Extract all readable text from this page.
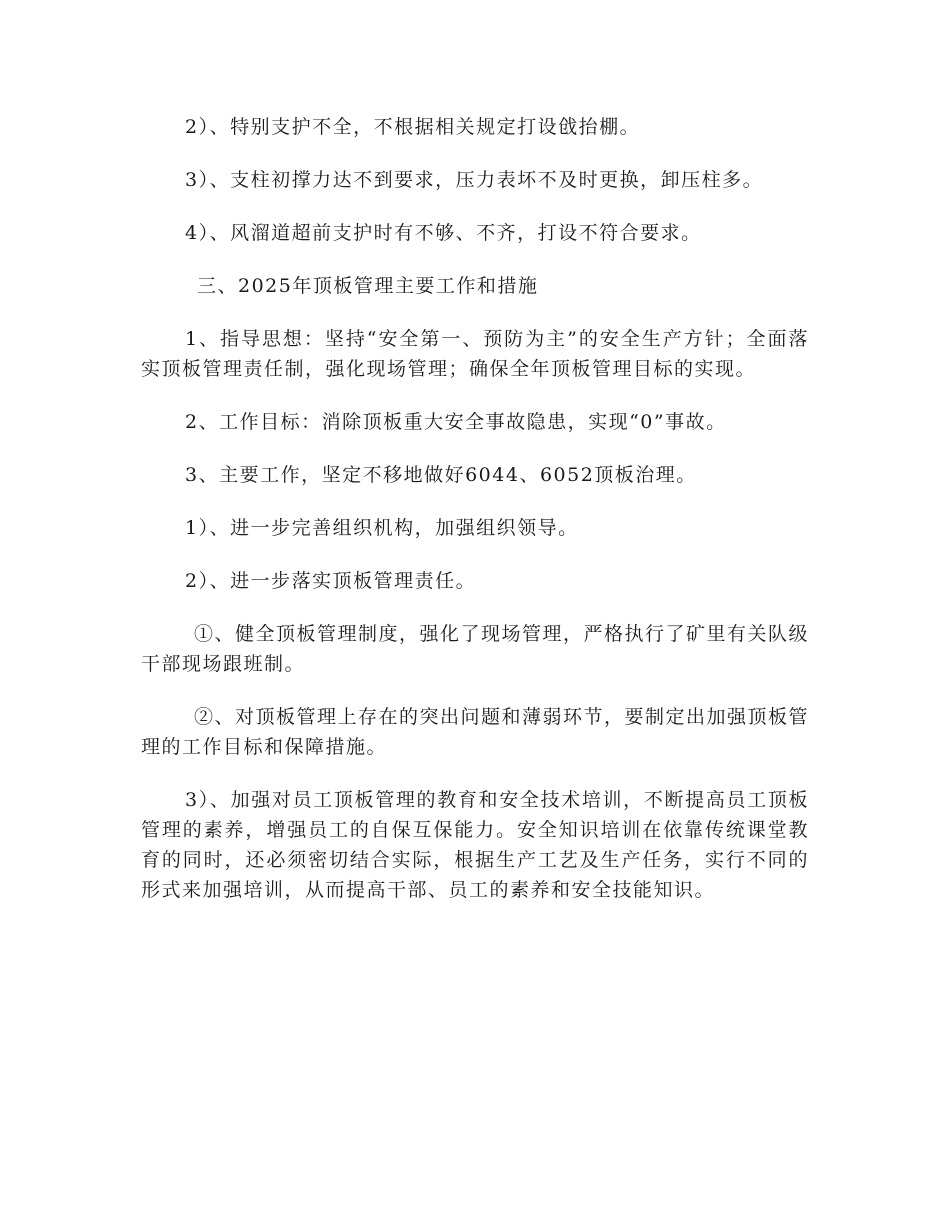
2）、特别支护不全，不根据相关规定打设戗抬棚。

3）、支柱初撑力达不到要求，压力表坏不及时更换，卸压柱多。

4）、风溜道超前支护时有不够、不齐，打设不符合要求。

三、2025年顶板管理主要工作和措施

1、指导思想：坚持“安全第一、预防为主”的安全生产方针；全面落实顶板管理责任制，强化现场管理；确保全年顶板管理目标的实现。

2、工作目标：消除顶板重大安全事故隐患，实现“0”事故。

3、主要工作，坚定不移地做好6044、6052顶板治理。

1）、进一步完善组织机构，加强组织领导。

2）、进一步落实顶板管理责任。

①、健全顶板管理制度，强化了现场管理，严格执行了矿里有关队级干部现场跟班制。

②、对顶板管理上存在的突出问题和薄弱环节，要制定出加强顶板管理的工作目标和保障措施。

3）、加强对员工顶板管理的教育和安全技术培训，不断提高员工顶板管理的素养，增强员工的自保互保能力。安全知识培训在依靠传统课堂教育的同时，还必须密切结合实际，根据生产工艺及生产任务，实行不同的形式来加强培训，从而提高干部、员工的素养和安全技能知识。
